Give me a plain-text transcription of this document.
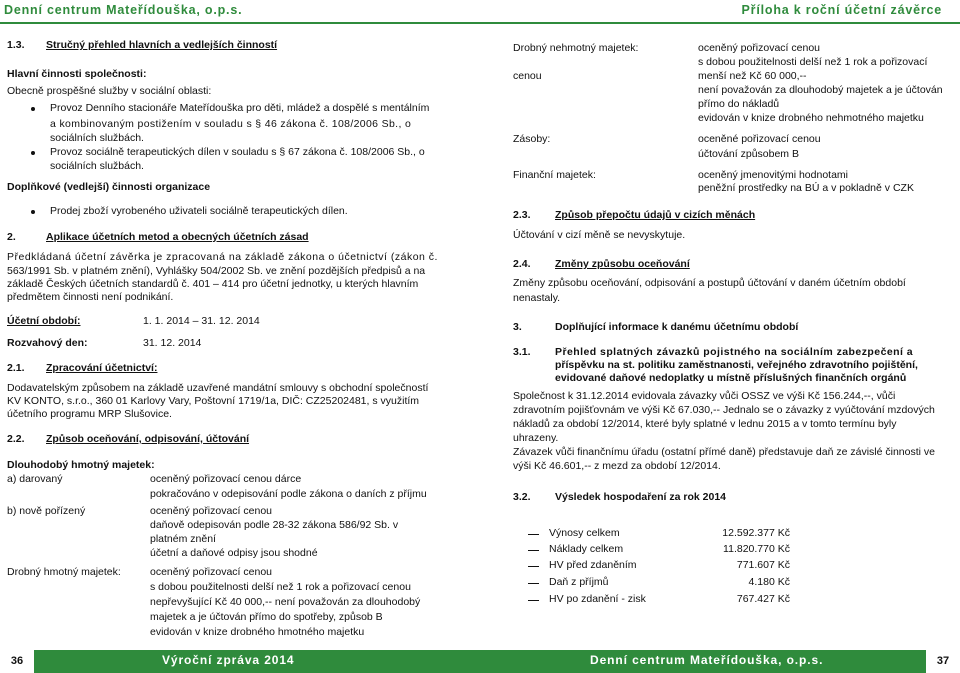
Denní centrum Mateřídouška, o.p.s.	Příloha k roční účetní závěrce
1.3. Stručný přehled hlavních a vedlejších činností
Hlavní činnosti společnosti:
Obecně prospěšné služby v sociální oblasti:
Provoz Denního stacionáře Mateřídouška pro děti, mládež a dospělé s mentálním
a kombinovaným postižením v souladu s § 46 zákona č. 108/2006 Sb., o
sociálních službách.
Provoz sociálně terapeutických dílen v souladu s § 67 zákona č. 108/2006 Sb., o
sociálních službách.
Doplňkové (vedlejší) činnosti organizace
Prodej zboží vyrobeného uživateli sociálně terapeutických dílen.
2.	Aplikace účetních metod a obecných účetních zásad
Předkládaná účetní závěrka je zpracovaná na základě zákona o účetnictví (zákon č.
563/1991 Sb. v platném znění), Vyhlášky 504/2002 Sb. ve znění pozdějších předpisů a na
základě Českých účetních standardů č. 401 – 414 pro účetní jednotky, u kterých hlavním
předmětem činnosti není podnikání.
Účetní období:	1. 1. 2014 – 31. 12. 2014
Rozvahový den:	31. 12. 2014
2.1. Zpracování účetnictví:
Dodavatelským způsobem na základě uzavřené mandátní smlouvy s obchodní společností
KV KONTO, s.r.o., 360 01 Karlovy Vary, Poštovní 1719/1a, DIČ: CZ25202481, s využitím
účetního programu MRP Slušovice.
2.2. Způsob oceňování, odpisování, účtování
Dlouhodobý hmotný majetek:
a) darovaný	oceněný pořizovací cenou dárce
pokračováno v odepisování podle zákona o daních z příjmu
b) nově pořízený	oceněný pořizovací cenou
daňově odepisován podle 28-32 zákona 586/92 Sb. v
platném znění
účetní a daňové odpisy jsou shodné
Drobný hmotný majetek:	oceněný pořizovací cenou
s dobou použitelnosti delší než 1 rok a pořizovací cenou
nepřevyšující Kč 40 000,-- není považován za dlouhodobý
majetek a je účtován přímo do spotřeby, způsob B
evidován v knize drobného hmotného majetku
Drobný nehmotný majetek:	oceněný pořizovací cenou
s dobou použitelnosti delší než 1 rok a pořizovací
cenou	menší než Kč 60 000,--
není považován za dlouhodobý majetek a je účtován
přímo do nákladů
evidován v knize drobného nehmotného majetku
Zásoby:	oceněné pořizovací cenou
účtování způsobem B
Finanční majetek:	oceněný jmenovitými hodnotami
peněžní prostředky na BÚ a v pokladně v CZK
2.3. Způsob přepočtu údajů v cizích měnách
Účtování v cizí měně se nevyskytuje.
2.4. Změny způsobu oceňování
Změny způsobu oceňování, odpisování a postupů účtování v daném účetním období
nenastaly.
3.	Doplňující informace k danému účetnímu období
3.1. Přehled splatných závazků pojistného na sociálním zabezpečení a
příspěvku na st. politiku zaměstnanosti, veřejného zdravotního pojištění,
evidované daňové nedoplatky u místně příslušných finančních orgánů
Společnost k 31.12.2014 evidovala závazky vůči OSSZ ve výši Kč 156.244,--, vůči
zdravotním pojišťovnám ve výši Kč 67.030,-- Jednalo se o závazky z vyúčtování mzdových
nákladů za období 12/2014, které byly splatné v lednu 2015 a v tomto termínu byly
uhrazeny.
Závazek vůči finančnímu úřadu (ostatní přímé daně) představuje daň ze závislé činnosti ve
výši Kč 46.601,-- z mezd za období 12/2014.
3.2. Výsledek hospodaření za rok 2014
Výnosy celkem	12.592.377 Kč
Náklady celkem	11.820.770 Kč
HV před zdaněním	771.607 Kč
Daň z příjmů	4.180 Kč
HV po zdanění - zisk	767.427 Kč
36	Výroční zpráva 2014	Denní centrum Mateřídouška, o.p.s.	37
